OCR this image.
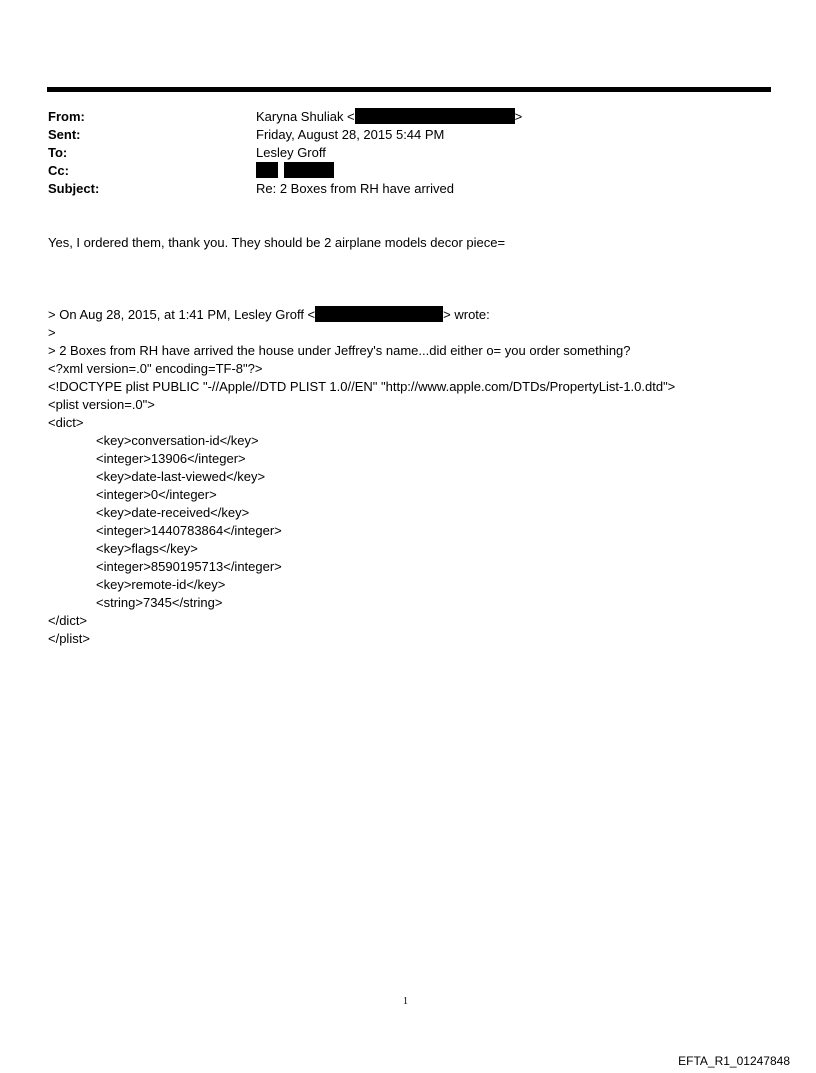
From:
Sent:
To:
Cc:
Subject:
Karyna Shuliak <	>
Friday, August 28, 2015 5:44 PM
Lesley Groff

Re: 2 Boxes from RH have arrived
Yes, I ordered them, thank you. They should be 2 airplane models decor piece=
> On Aug 28, 2015, at 1:41 PM, Lesley Groff <	> wrote:
>
> 2 Boxes from RH have arrived the house under Jeffrey's name...did either o= you order something?
<?xml version=.0" encoding=TF-8"?>
<!DOCTYPE plist PUBLIC "-//Apple//DTD PLIST 1.0//EN" "http://www.apple.com/DTDs/PropertyList-1.0.dtd">
<plist version=.0">
<dict>
<key>conversation-id</key>
<integer>13906</integer>
<key>date-last-viewed</key>
<integer>0</integer>
<key>date-received</key>
<integer>1440783864</integer>
<key>flags</key>
<integer>8590195713</integer>
<key>remote-id</key>
<string>7345</string>
</dict>
</plist>
1
EFTA_R1_01247848
